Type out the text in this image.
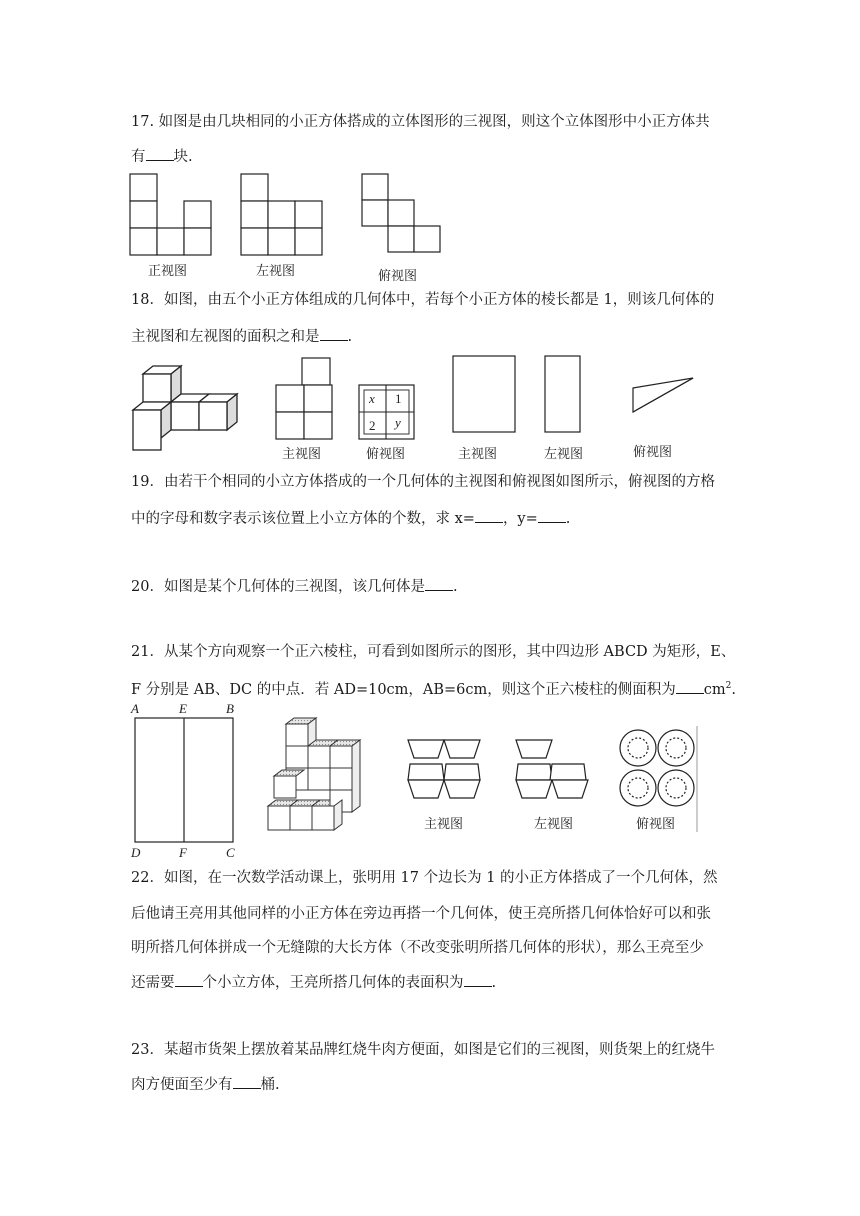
17. 如图是由几块相同的小正方体搭成的立体图形的三视图，则这个立体图形中小正方体共
有 块.
正视图	左视图	俯视图
18．如图，由五个小正方体组成的几何体中，若每个小正方体的棱长都是 1，则该几何体的
主视图和左视图的面积之和是 .
主视图
x 1
2 y
俯视图	主视图	左视图	俯视图
19．由若干个相同的小立方体搭成的一个几何体的主视图和俯视图如图所示，俯视图的方格
中的字母和数字表示该位置上小立方体的个数，求 x= ，y= .
20．如图是某个几何体的三视图，该几何体是 .
21．从某个方向观察一个正六棱柱，可看到如图所示的图形，其中四边形 ABCD 为矩形，E、
F 分别是 AB、DC 的中点．若 AD=10cm，AB=6cm，则这个正六棱柱的侧面积为 $cm^2$.
A	E	B
D	F	C
主视图	左视图	俯视图
22．如图，在一次数学活动课上，张明用 17 个边长为 1 的小正方体搭成了一个几何体，然
后他请王亮用其他同样的小正方体在旁边再搭一个几何体，使王亮所搭几何体恰好可以和张
明所搭几何体拼成一个无缝隙的大长方体（不改变张明所搭几何体的形状），那么王亮至少
还需要 个小立方体，王亮所搭几何体的表面积为 .
23．某超市货架上摆放着某品牌红烧牛肉方便面，如图是它们的三视图，则货架上的红烧牛
肉方便面至少有 桶.
